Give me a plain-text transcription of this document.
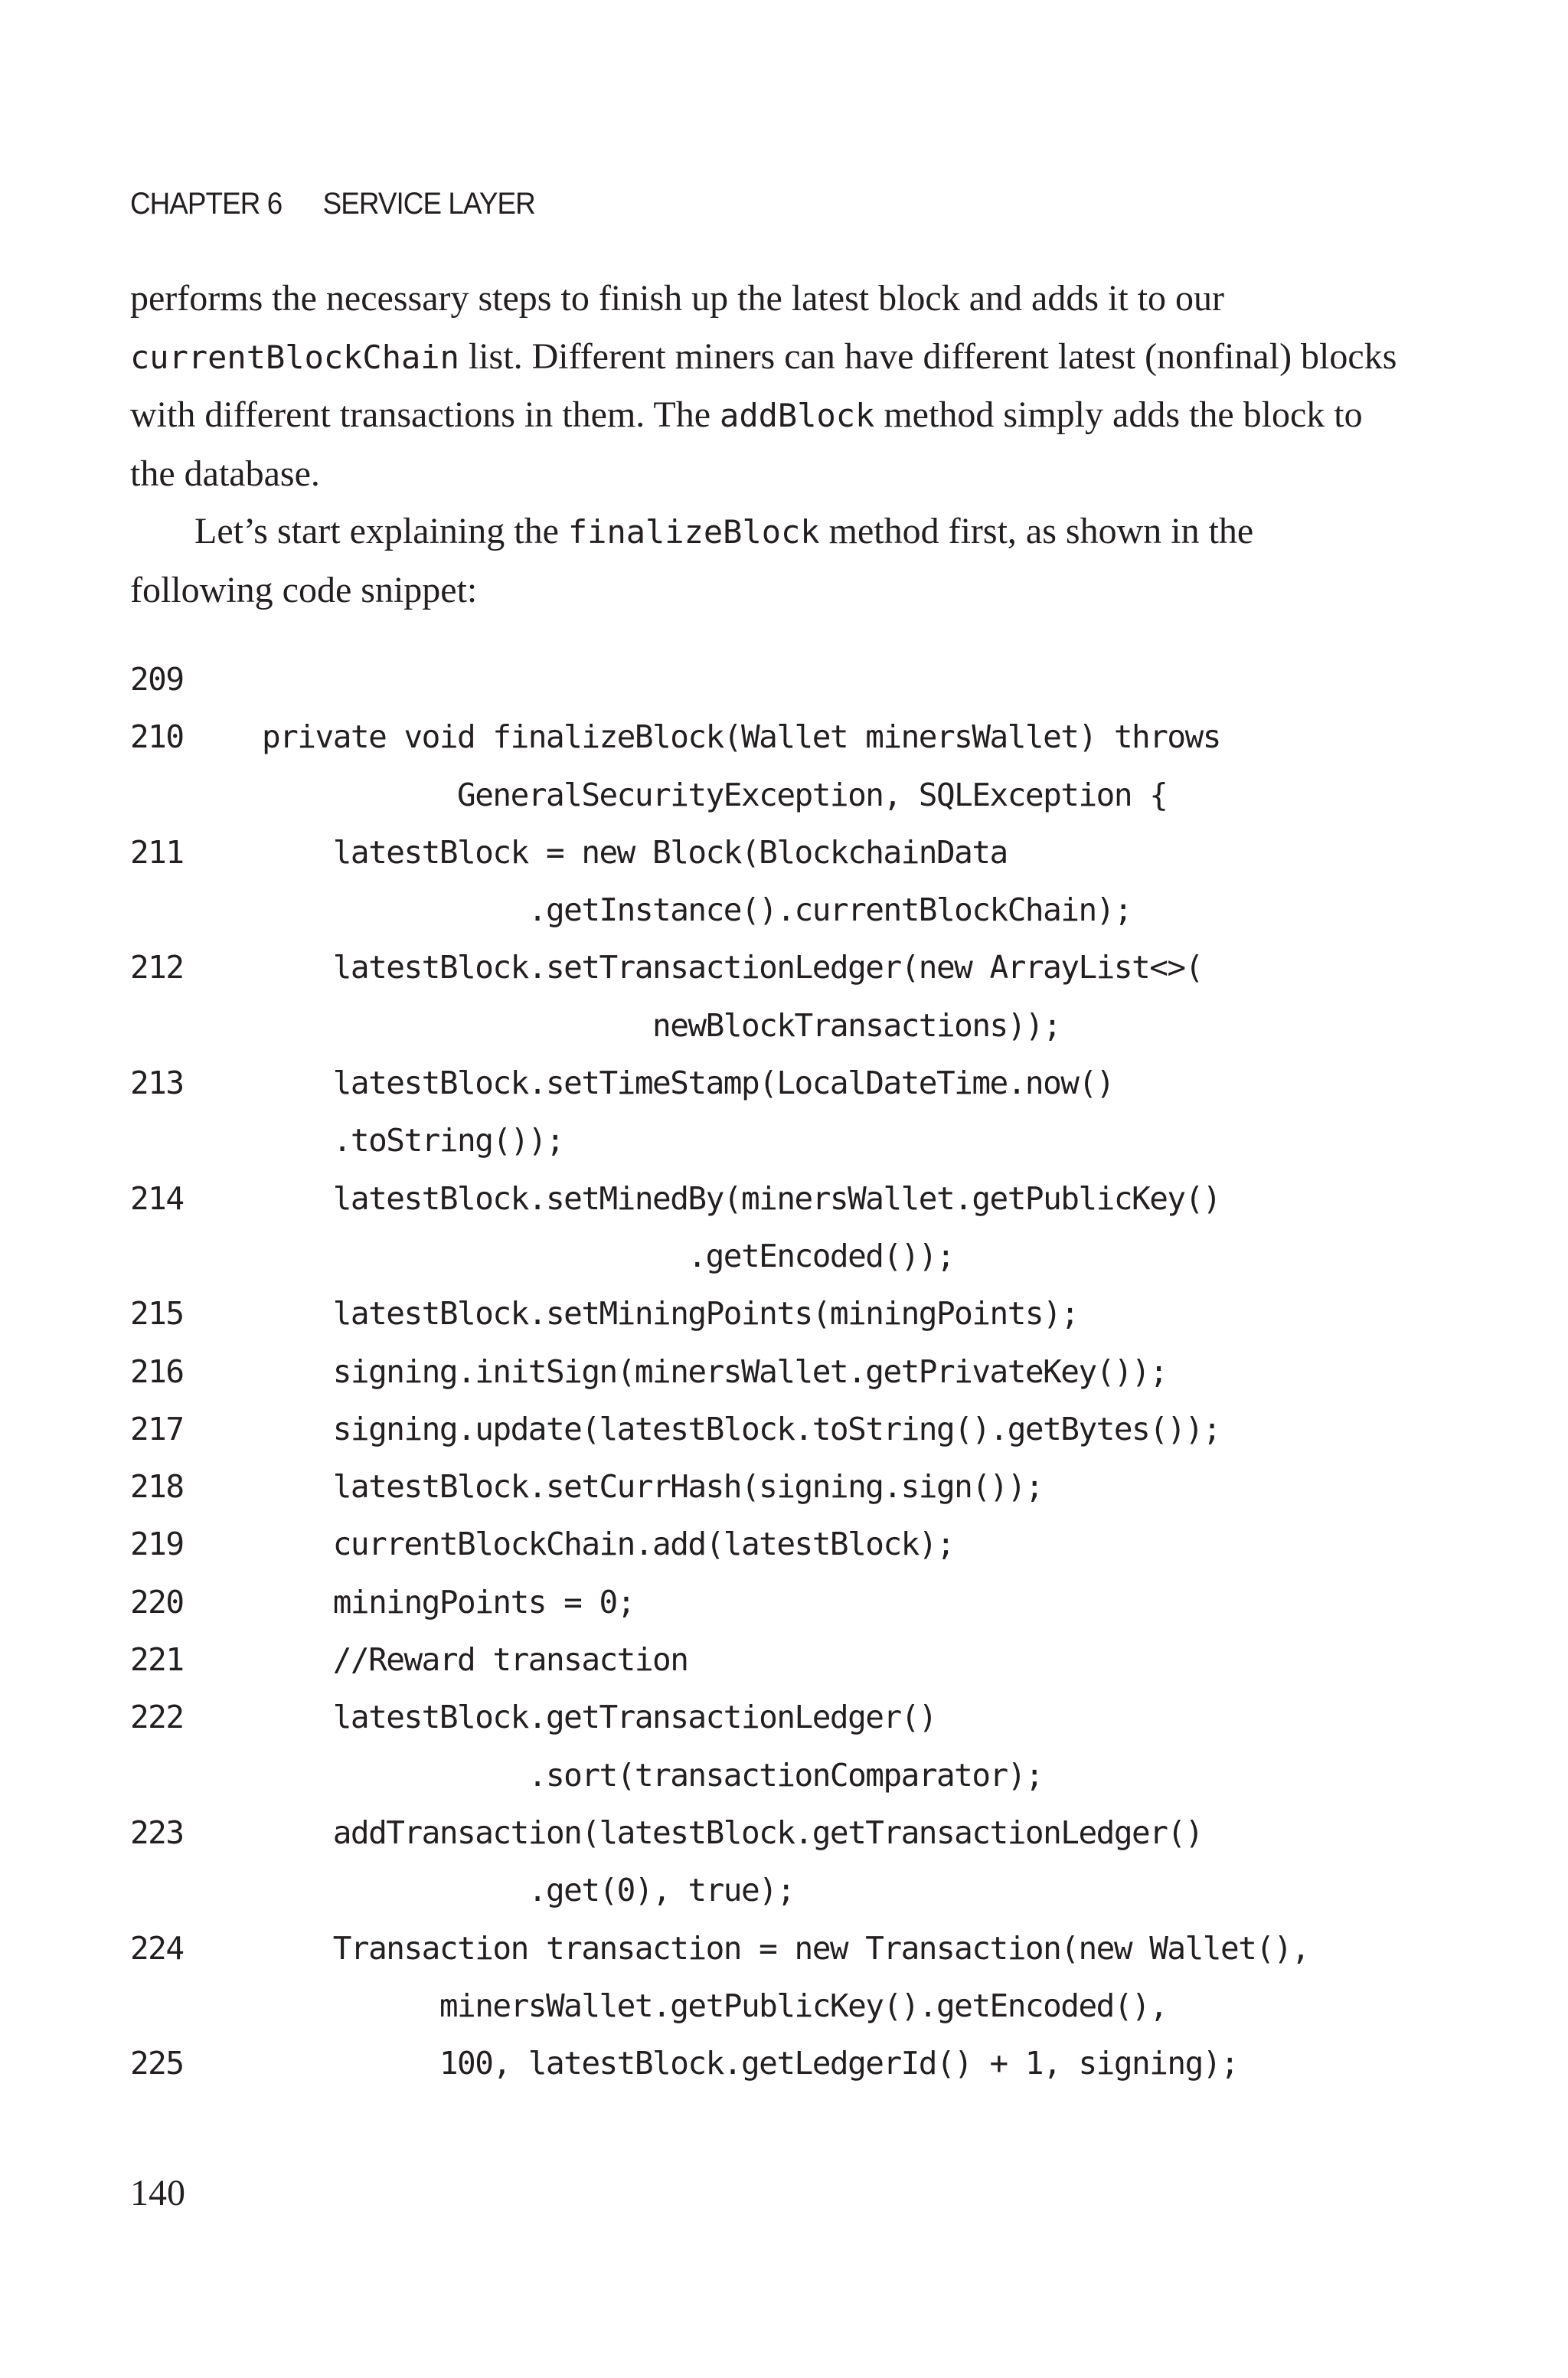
CHAPTER 6 SERVICE LAYER

performs the necessary steps to finish up the latest block and adds it to our currentBlockChain list. Different miners can have different latest (nonfinal) blocks with different transactions in them. The addBlock method simply adds the block to the database.

Let’s start explaining the finalizeBlock method first, as shown in the following code snippet:

209
210 private void finalizeBlock(Wallet minersWallet) throws
GeneralSecurityException, SQLException {
211 latestBlock = new Block(BlockchainData
.getInstance().currentBlockChain);
212 latestBlock.setTransactionLedger(new ArrayList<>(
newBlockTransactions));
213 latestBlock.setTimeStamp(LocalDateTime.now()
.toString());
214 latestBlock.setMinedBy(minersWallet.getPublicKey()
.getEncoded());
215 latestBlock.setMiningPoints(miningPoints);
216 signing.initSign(minersWallet.getPrivateKey());
217 signing.update(latestBlock.toString().getBytes());
218 latestBlock.setCurrHash(signing.sign());
219 currentBlockChain.add(latestBlock);
220 miningPoints = 0;
221 //Reward transaction
222 latestBlock.getTransactionLedger()
.sort(transactionComparator);
223 addTransaction(latestBlock.getTransactionLedger()
.get(0), true);
224 Transaction transaction = new Transaction(new Wallet(),
minersWallet.getPublicKey().getEncoded(),
225 100, latestBlock.getLedgerId() + 1, signing);
140
